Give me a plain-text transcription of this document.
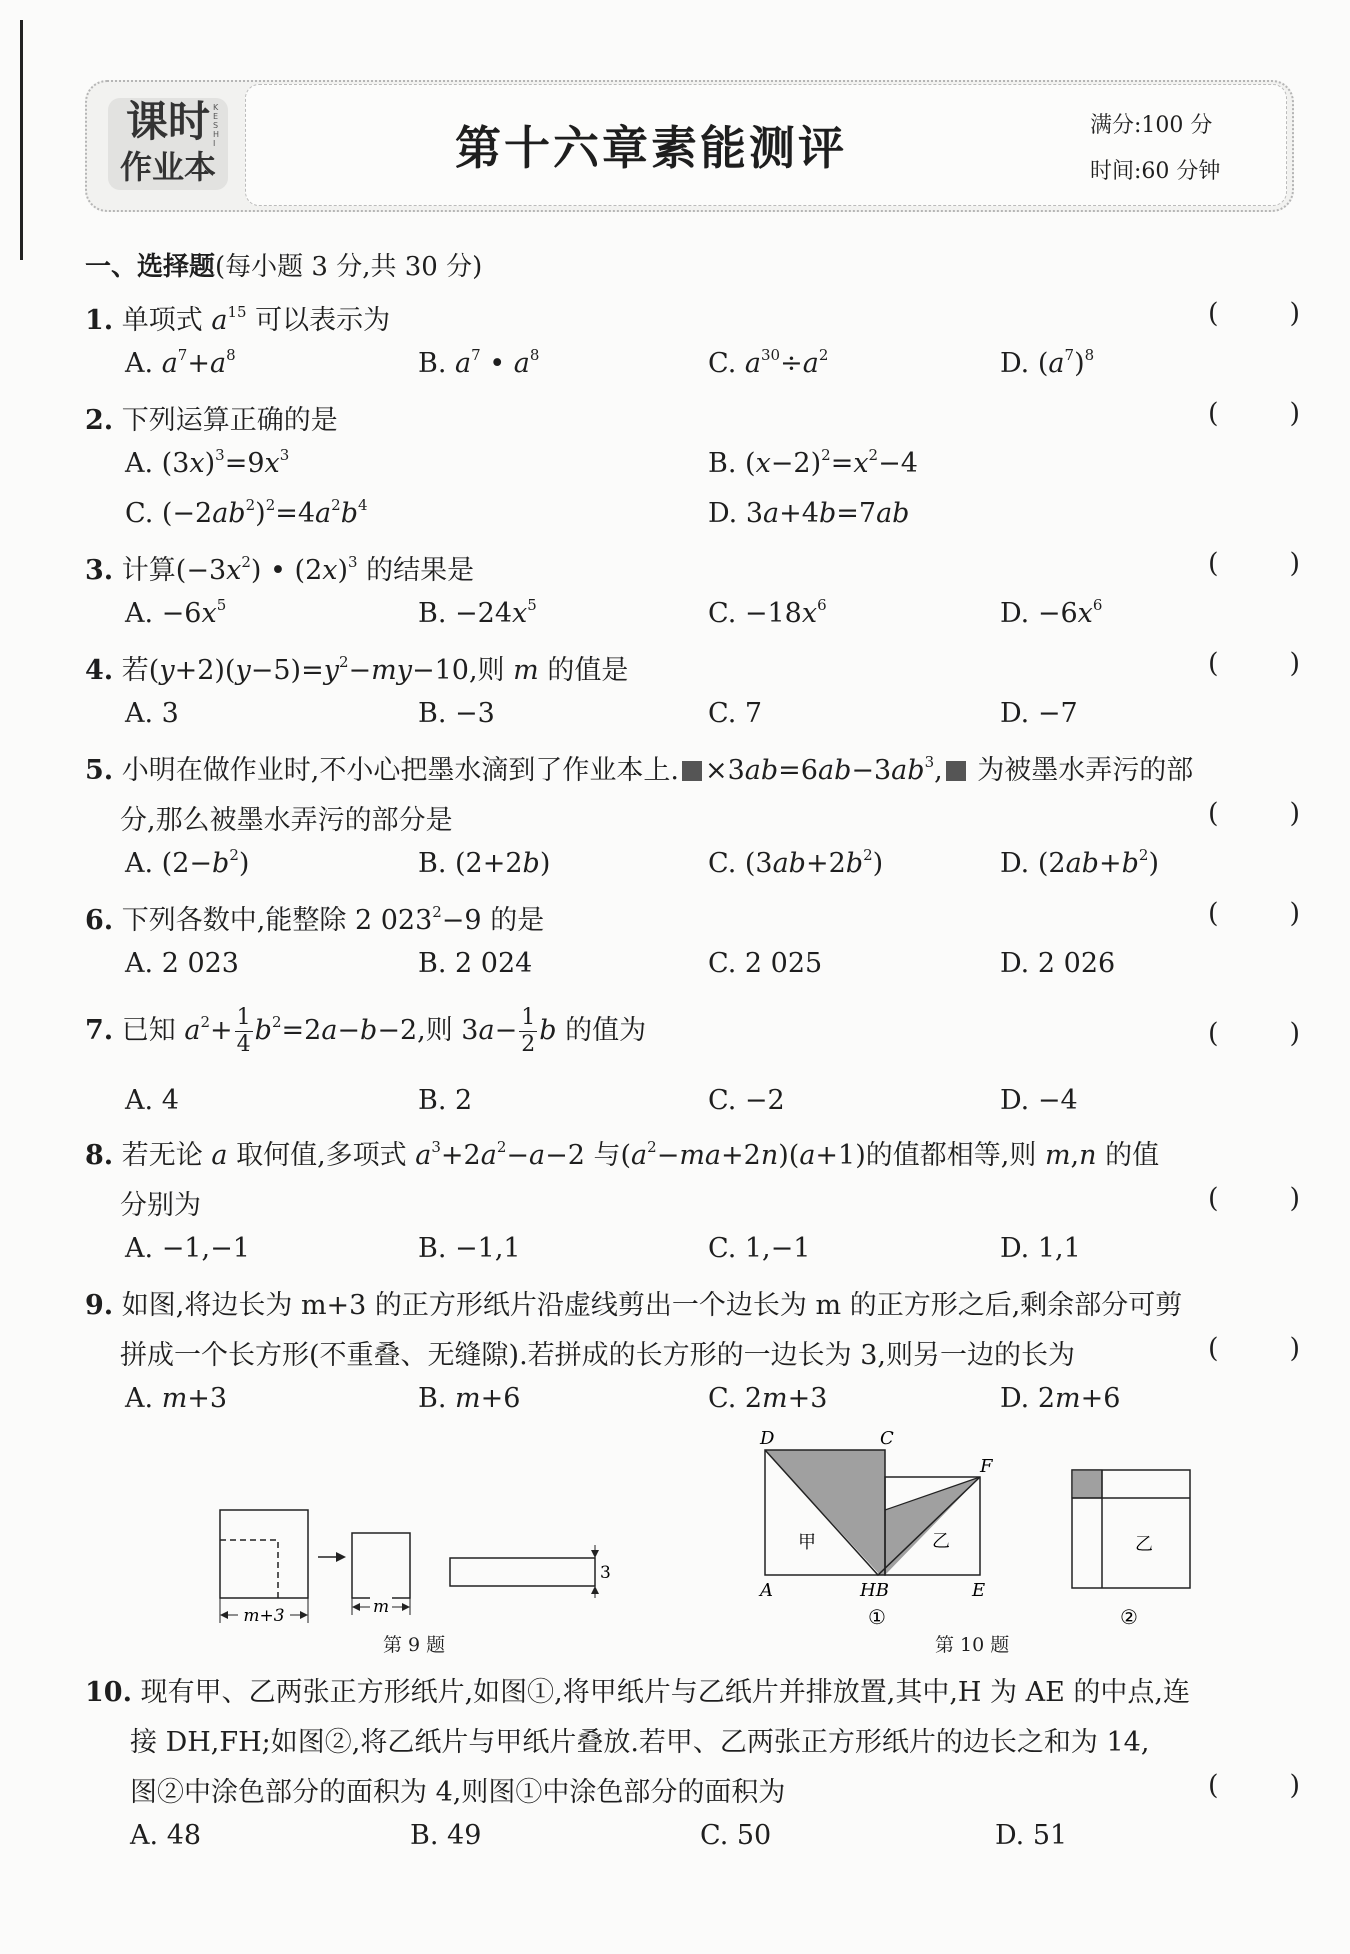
课时
作业本
KESHI	第十六章素能测评	满分:100 分
时间:60 分钟
一、选择题(每小题 3 分,共 30 分)
1. 单项式 $a^{15}$ 可以表示为	(	)
A. $a^7+a^8$	B. $a^7$ • $a^8$	C. $a^{30}\div a^2$	D. $(a^7)^8$
2. 下列运算正确的是	(	)
A. $(3x)^3=9x^3$	B. $(x-2)^2=x^2-4$
C. $(-2ab^2)^2=4a^2b^4$	D. 3a+4b=7ab
3. 计算$(-3x^2)$ • $(2x)^3$ 的结果是	(	)
A. $-6x^5$	B. $-24x^5$	C. $-18x^6$	D. $-6x^6$
4. 若$(y+2)(y-5)=y^2-my-10$,则 m 的值是	(	)
A. 3	B. −3	C. 7	D. −7
5. 小明在做作业时,不小心把墨水滴到了作业本上. $\times 3ab=6ab-3ab^3$, 为被墨水弄污的部
分,那么被墨水弄污的部分是	(	)
A. $(2-b^2)$	B. (2+2b)	C. $(3ab+2b^2)$	D. $(2ab+b^2)$
6. 下列各数中,能整除 2 $023^2-9$ 的是	(	)
A. 2 023	B. 2 024	C. 2 025	D. 2 026
7. 已知 $a^2+ \frac{1}{4} b^2=2a-b-2$,则 $3a- \frac{1}{2}$ b 的值为	(	)
A. 4	B. 2	C. −2	D. −4
8. 若无论 a 取何值,多项式 $a^3+2a^2-a-2$ 与$(a^2-ma+2n)(a+1)$的值都相等,则 m,n 的值
分别为	(	)
A. −1,−1	B. −1,1	C. 1,−1	D. 1,1
9. 如图,将边长为 m+3 的正方形纸片沿虚线剪出一个边长为 m 的正方形之后,剩余部分可剪
拼成一个长方形(不重叠、无缝隙).若拼成的长方形的一边长为 3,则另一边的长为	(	)
A. m+3	B. m+6	C. 2m+3	D. 2m+6
m+3	m
3
第 9 题
D	C
F
A	HB	E
甲	乙
①
乙
②
第 10 题
10. 现有甲、乙两张正方形纸片,如图①,将甲纸片与乙纸片并排放置,其中,H 为 AE 的中点,连
接 DH,FH;如图②,将乙纸片与甲纸片叠放.若甲、乙两张正方形纸片的边长之和为 14,
图②中涂色部分的面积为 4,则图①中涂色部分的面积为	(	)
A. 48	B. 49	C. 50	D. 51
